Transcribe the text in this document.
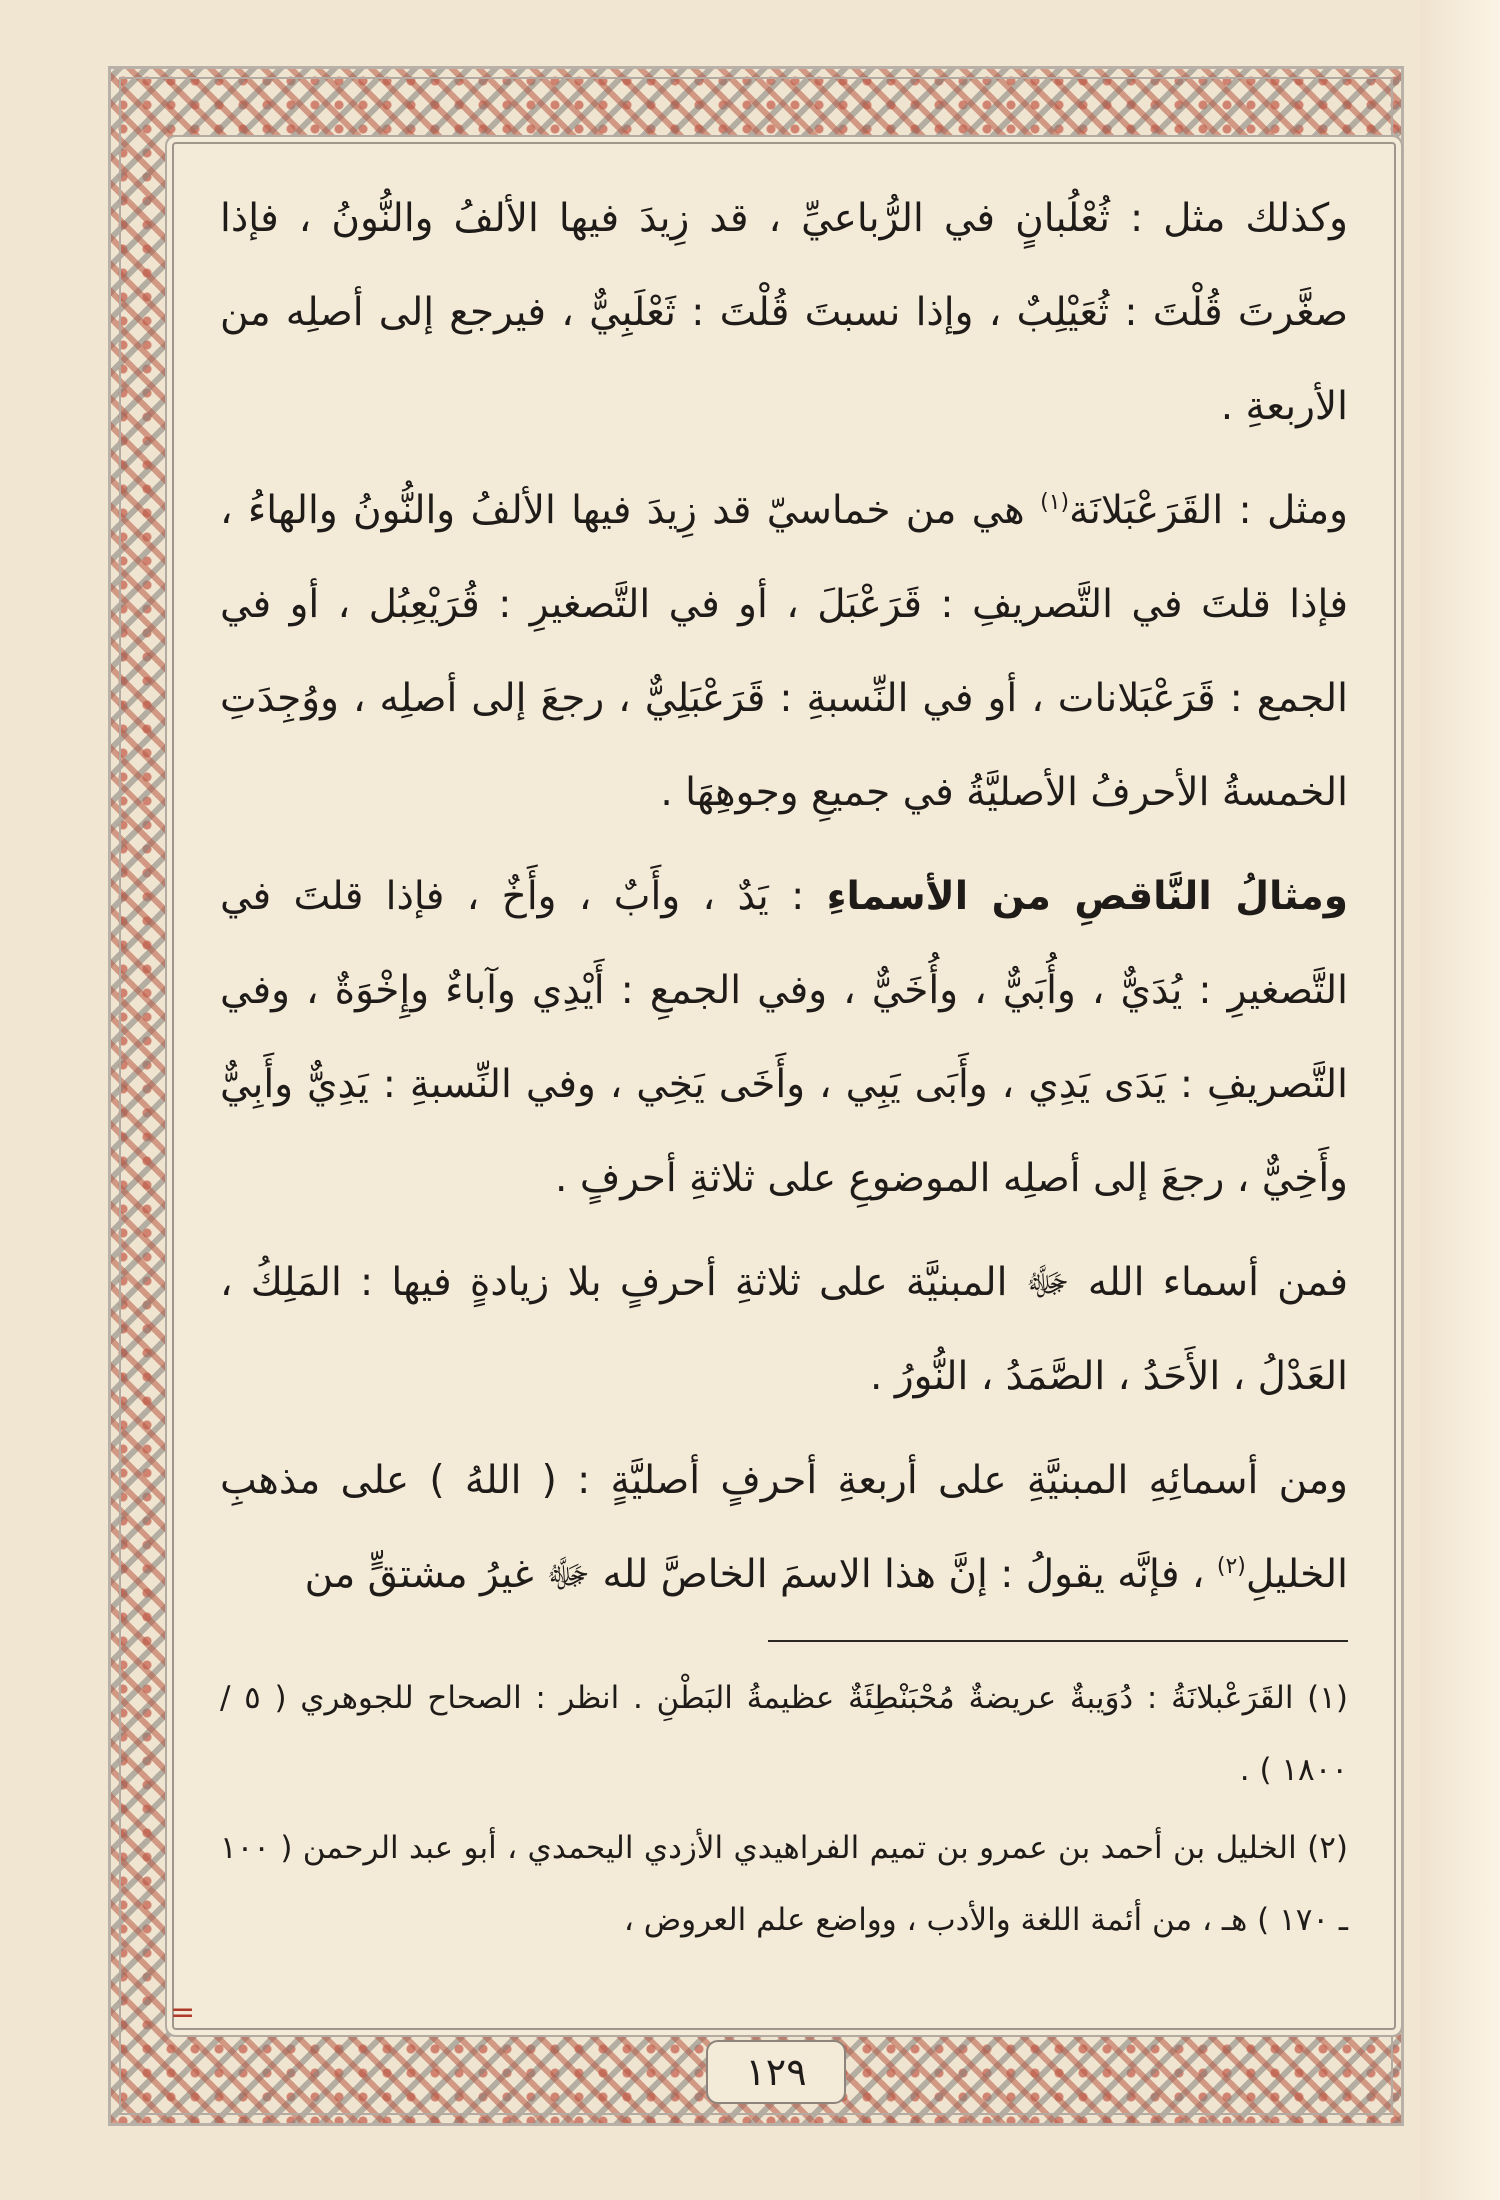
وكذلك مثل : ثُعْلُبانٍ في الرُّباعيِّ ، قد زِيدَ فيها الألفُ والنُّونُ ، فإذا صغَّرتَ قُلْتَ : ثُعَيْلِبٌ ، وإذا نسبتَ قُلْتَ : ثَعْلَبِيٌّ ، فيرجع إلى أصلِه من الأربعةِ .

ومثل : القَرَعْبَلانَة$^{(١)}$ هي من خماسيّ قد زِيدَ فيها الألفُ والنُّونُ والهاءُ ، فإذا قلتَ في التَّصريفِ : قَرَعْبَلَ ، أو في التَّصغيرِ : قُرَيْعِبُل ، أو في الجمع : قَرَعْبَلانات ، أو في النِّسبةِ : قَرَعْبَلِيٌّ ، رجعَ إلى أصلِه ، ووُجِدَتِ الخمسةُ الأحرفُ الأصليَّةُ في جميعِ وجوهِهَا .

ومثالُ النَّاقصِ من الأسماءِ : يَدٌ ، وأَبٌ ، وأَخٌ ، فإذا قلتَ في التَّصغيرِ : يُدَيٌّ ، وأُبَيٌّ ، وأُخَيٌّ ، وفي الجمعِ : أَيْدِي وآباءٌ وإِخْوَةٌ ، وفي التَّصريفِ : يَدَى يَدِي ، وأَبَى يَبِي ، وأَخَى يَخِي ، وفي النِّسبةِ : يَدِيٌّ وأَبِيٌّ وأَخِيٌّ ، رجعَ إلى أصلِه الموضوعِ على ثلاثةِ أحرفٍ .

فمن أسماء الله ﷻ المبنيَّة على ثلاثةِ أحرفٍ بلا زيادةٍ فيها : المَلِكُ ، العَدْلُ ، الأَحَدُ ، الصَّمَدُ ، النُّورُ .

ومن أسمائِهِ المبنيَّةِ على أربعةِ أحرفٍ أصليَّةٍ : ( اللهُ ) على مذهبِ الخليلِ$^{(٢)}$ ، فإنَّه يقولُ : إنَّ هذا الاسمَ الخاصَّ لله ﷻ غيرُ مشتقٍّ من

(١) القَرَعْبلانَةُ : دُوَيبةٌ عريضةٌ مُحْبَنْطِئَةٌ عظيمةُ البَطْنِ . انظر : الصحاح للجوهري ( ٥ / ١٨٠٠ ) .

(٢) الخليل بن أحمد بن عمرو بن تميم الفراهيدي الأزدي اليحمدي ، أبو عبد الرحمن ( ١٠٠ ـ ١٧٠ ) هـ ، من أئمة اللغة والأدب ، وواضع علم العروض ،

=
١٢٩
